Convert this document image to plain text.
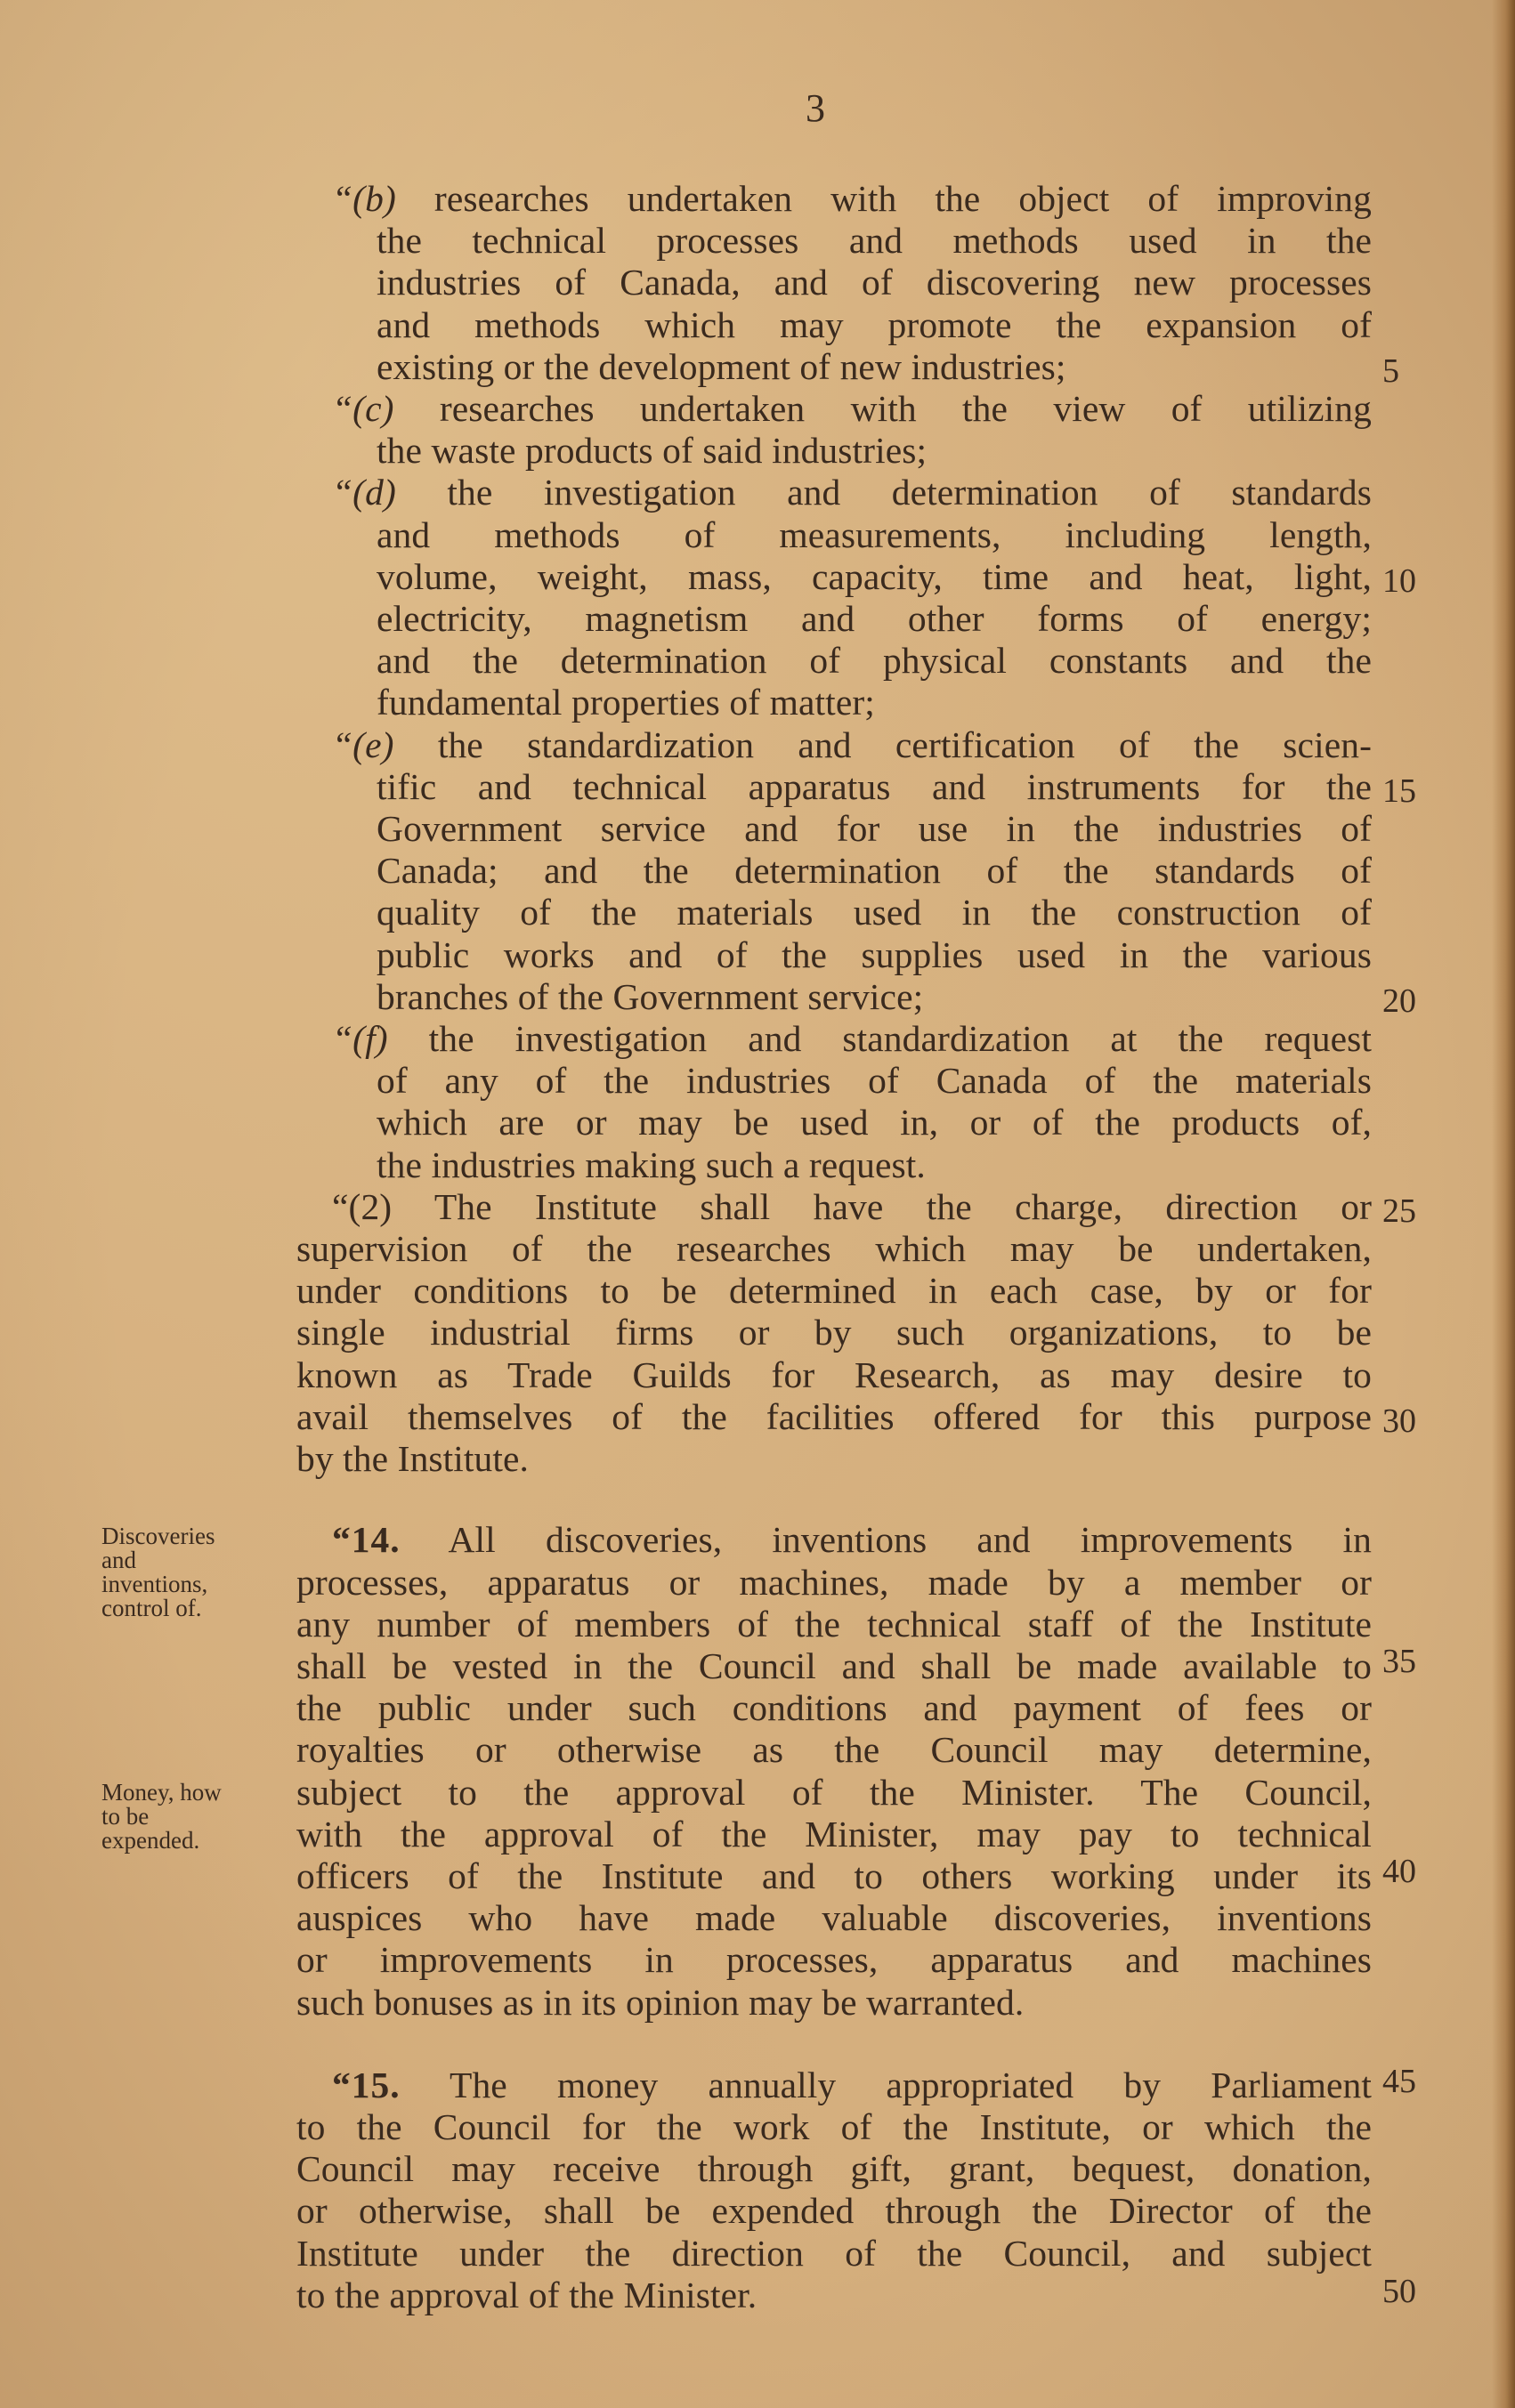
3
“(b) researches undertaken with the object of improving
the technical processes and methods used in the
industries of Canada, and of discovering new processes
and methods which may promote the expansion of
existing or the development of new industries;
“(c) researches undertaken with the view of utilizing
the waste products of said industries;
“(d) the investigation and determination of standards
and methods of measurements, including length,
volume, weight, mass, capacity, time and heat, light,
electricity, magnetism and other forms of energy;
and the determination of physical constants and the
fundamental properties of matter;
“(e) the standardization and certification of the scien-
tific and technical apparatus and instruments for the
Government service and for use in the industries of
Canada; and the determination of the standards of
quality of the materials used in the construction of
public works and of the supplies used in the various
branches of the Government service;
“(f) the investigation and standardization at the request
of any of the industries of Canada of the materials
which are or may be used in, or of the products of,
the industries making such a request.
“(2) The Institute shall have the charge, direction or
supervision of the researches which may be undertaken,
under conditions to be determined in each case, by or for
single industrial firms or by such organizations, to be
known as Trade Guilds for Research, as may desire to
avail themselves of the facilities offered for this purpose
by the Institute.
“14. All discoveries, inventions and improvements in
processes, apparatus or machines, made by a member or
any number of members of the technical staff of the Institute
shall be vested in the Council and shall be made available to
the public under such conditions and payment of fees or
royalties or otherwise as the Council may determine,
subject to the approval of the Minister. The Council,
with the approval of the Minister, may pay to technical
officers of the Institute and to others working under its
auspices who have made valuable discoveries, inventions
or improvements in processes, apparatus and machines
such bonuses as in its opinion may be warranted.
“15. The money annually appropriated by Parliament
to the Council for the work of the Institute, or which the
Council may receive through gift, grant, bequest, donation,
or otherwise, shall be expended through the Director of the
Institute under the direction of the Council, and subject
to the approval of the Minister.
Discoveries
and
inventions,
control of.
Money, how
to be
expended.
5
10
15
20
25
30
35
40
45
50
